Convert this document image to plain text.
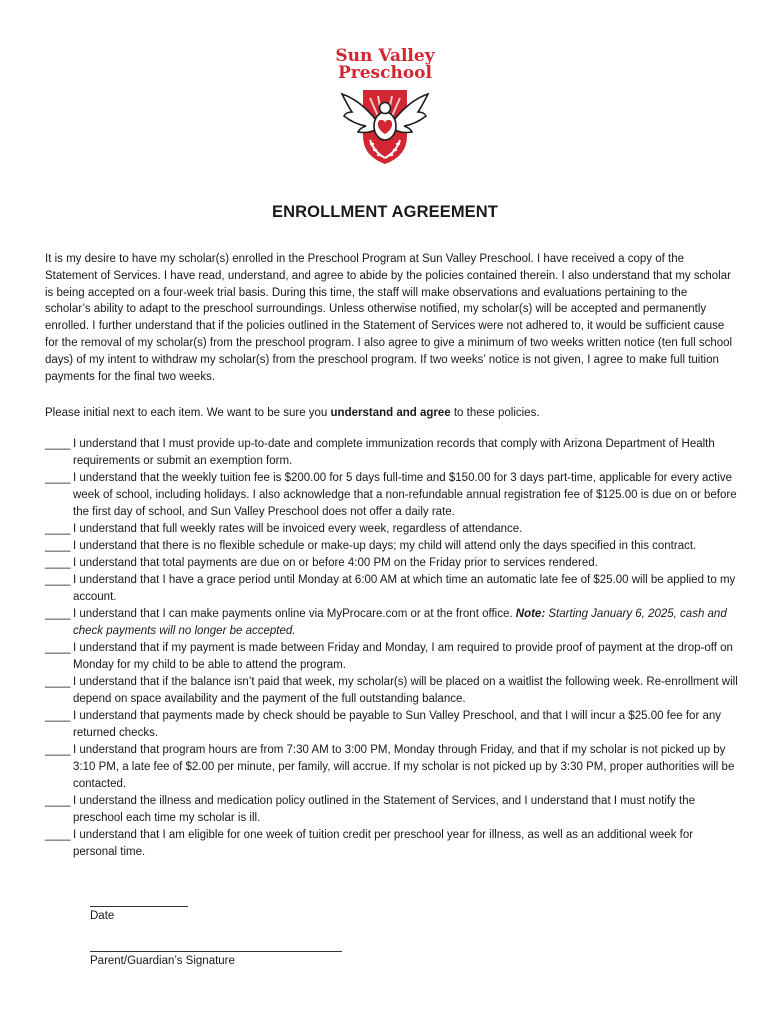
Sun Valley
Preschool
ENROLLMENT AGREEMENT

It is my desire to have my scholar(s) enrolled in the Preschool Program at Sun Valley Preschool. I have received a copy of the Statement of Services. I have read, understand, and agree to abide by the policies contained therein. I also understand that my scholar is being accepted on a four-week trial basis. During this time, the staff will make observations and evaluations pertaining to the scholar’s ability to adapt to the preschool surroundings. Unless otherwise notified, my scholar(s) will be accepted and permanently enrolled. I further understand that if the policies outlined in the Statement of Services were not adhered to, it would be sufficient cause for the removal of my scholar(s) from the preschool program. I also agree to give a minimum of two weeks written notice (ten full school days) of my intent to withdraw my scholar(s) from the preschool program. If two weeks’ notice is not given, I agree to make full tuition payments for the final two weeks.

Please initial next to each item. We want to be sure you understand and agree to these policies.

____ I understand that I must provide up-to-date and complete immunization records that comply with Arizona Department of Health requirements or submit an exemption form.
____ I understand that the weekly tuition fee is $200.00 for 5 days full-time and $150.00 for 3 days part-time, applicable for every active week of school, including holidays. I also acknowledge that a non-refundable annual registration fee of $125.00 is due on or before the first day of school, and Sun Valley Preschool does not offer a daily rate.
____ I understand that full weekly rates will be invoiced every week, regardless of attendance.
____ I understand that there is no flexible schedule or make-up days; my child will attend only the days specified in this contract.
____ I understand that total payments are due on or before 4:00 PM on the Friday prior to services rendered.
____ I understand that I have a grace period until Monday at 6:00 AM at which time an automatic late fee of $25.00 will be applied to my account.
____ I understand that I can make payments online via MyProcare.com or at the front office. Note: Starting January 6, 2025, cash and check payments will no longer be accepted.
____ I understand that if my payment is made between Friday and Monday, I am required to provide proof of payment at the drop-off on Monday for my child to be able to attend the program.
____ I understand that if the balance isn’t paid that week, my scholar(s) will be placed on a waitlist the following week. Re-enrollment will depend on space availability and the payment of the full outstanding balance.
____ I understand that payments made by check should be payable to Sun Valley Preschool, and that I will incur a $25.00 fee for any returned checks.
____ I understand that program hours are from 7:30 AM to 3:00 PM, Monday through Friday, and that if my scholar is not picked up by 3:10 PM, a late fee of $2.00 per minute, per family, will accrue. If my scholar is not picked up by 3:30 PM, proper authorities will be contacted.
____ I understand the illness and medication policy outlined in the Statement of Services, and I understand that I must notify the preschool each time my scholar is ill.
____ I understand that I am eligible for one week of tuition credit per preschool year for illness, as well as an additional week for personal time.
Date
Parent/Guardian’s Signature
